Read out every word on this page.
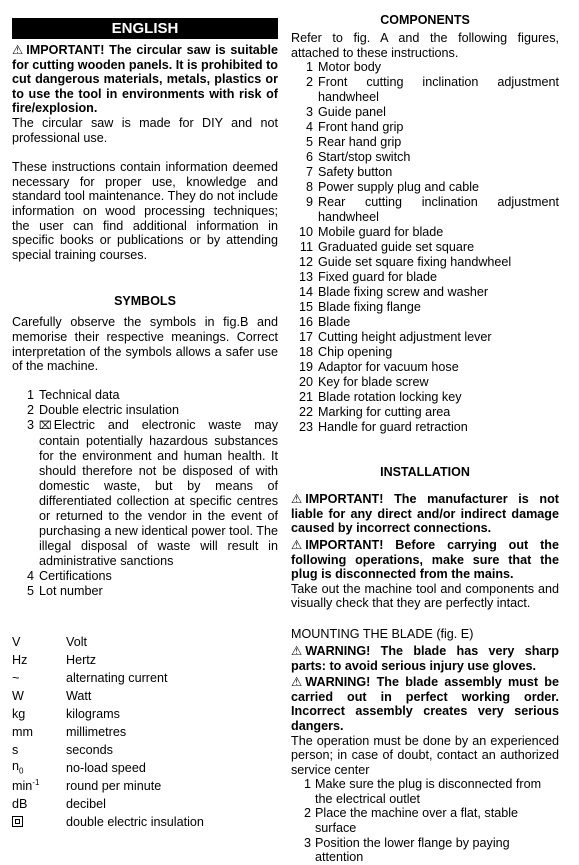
ENGLISH

⚠ IMPORTANT! The circular saw is suitable for cutting wooden panels. It is prohibited to cut dangerous materials, metals, plastics or to use the tool in environments with risk of fire/explosion.

The circular saw is made for DIY and not professional use.

These instructions contain information deemed necessary for proper use, knowledge and standard tool maintenance. They do not include information on wood processing techniques; the user can find additional information in specific books or publications or by attending special training courses.

SYMBOLS

Carefully observe the symbols in fig.B and memorise their respective meanings. Correct interpretation of the symbols allows a safer use of the machine.

1 Technical data
2 Double electric insulation
3 ⌧ Electric and electronic waste may contain potentially hazardous substances for the environment and human health. It should therefore not be disposed of with domestic waste, but by means of differentiated collection at specific centres or returned to the vendor in the event of purchasing a new identical power tool. The illegal disposal of waste will result in administrative sanctions
4 Certifications
5 Lot number
V	Volt
Hz	Hertz
~	alternating current
W	Watt
kg	kilograms
mm	millimetres
s	seconds
$n_0$	no-load speed
$\min^{-1}$	round per minute
dB	decibel
	double electric insulation
COMPONENTS

Refer to fig. A and the following figures, attached to these instructions.

1 Motor body
2 Front cutting inclination adjustment handwheel
3 Guide panel
4 Front hand grip
5 Rear hand grip
6 Start/stop switch
7 Safety button
8 Power supply plug and cable
9 Rear cutting inclination adjustment handwheel
10 Mobile guard for blade
11 Graduated guide set square
12 Guide set square fixing handwheel
13 Fixed guard for blade
14 Blade fixing screw and washer
15 Blade fixing flange
16 Blade
17 Cutting height adjustment lever
18 Chip opening
19 Adaptor for vacuum hose
20 Key for blade screw
21 Blade rotation locking key
22 Marking for cutting area
23 Handle for guard retraction
INSTALLATION

⚠ IMPORTANT! The manufacturer is not liable for any direct and/or indirect damage caused by incorrect connections.

⚠ IMPORTANT! Before carrying out the following operations, make sure that the plug is disconnected from the mains.

Take out the machine tool and components and visually check that they are perfectly intact.

MOUNTING THE BLADE (fig. E)

⚠ WARNING! The blade has very sharp parts: to avoid serious injury use gloves.

⚠ WARNING! The blade assembly must be carried out in perfect working order. Incorrect assembly creates very serious dangers.

The operation must be done by an experienced person; in case of doubt, contact an authorized service center

1 Make sure the plug is disconnected from the electrical outlet
2 Place the machine over a flat, stable surface
3 Position the lower flange by paying attention
